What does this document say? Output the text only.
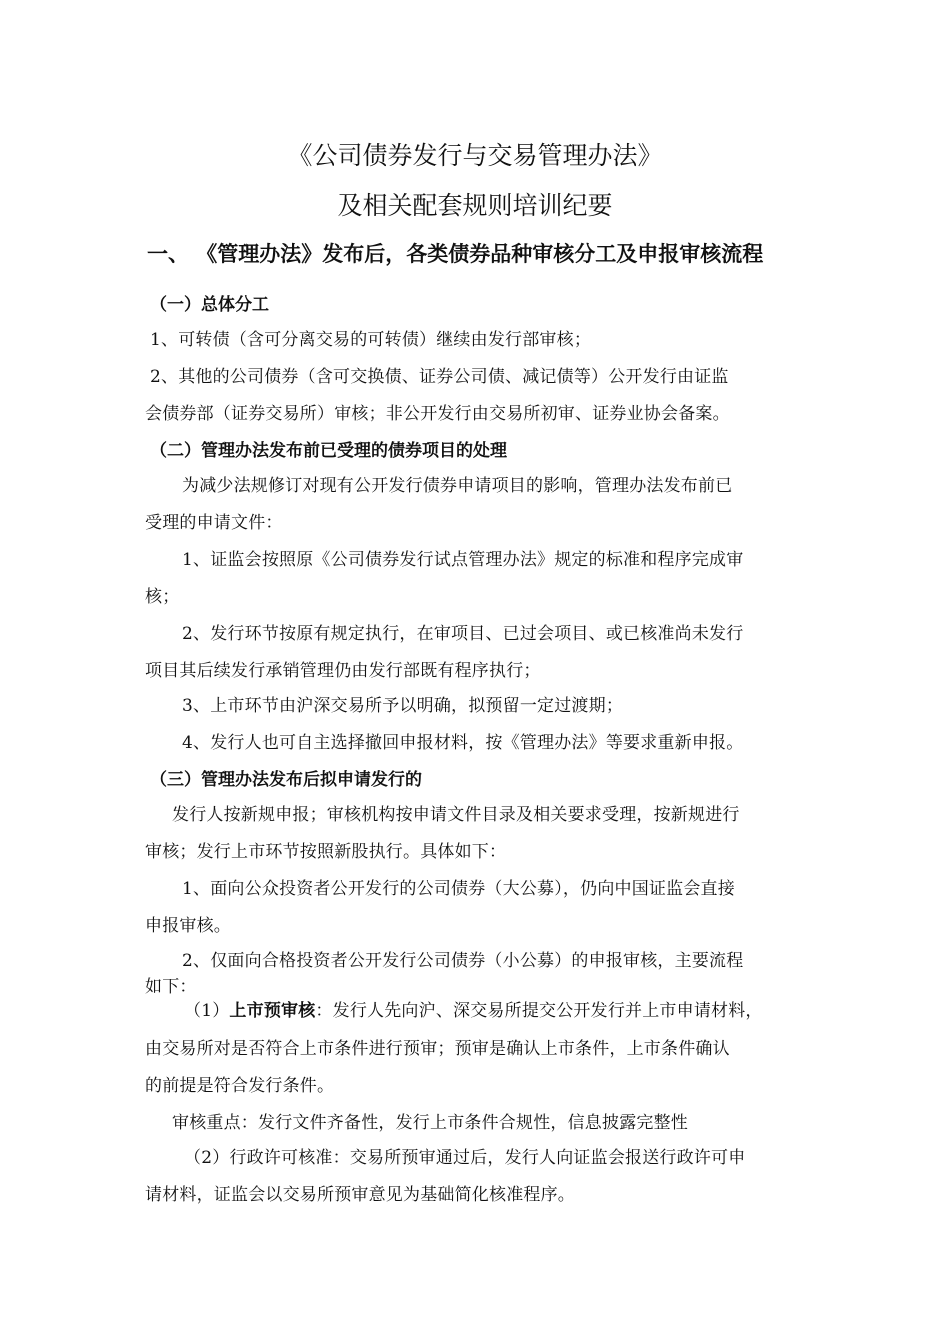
《公司债券发行与交易管理办法》
及相关配套规则培训纪要
一、 《管理办法》发布后，各类债券品种审核分工及申报审核流程
（一）总体分工
1、可转债（含可分离交易的可转债）继续由发行部审核；
2、其他的公司债券（含可交换债、证券公司债、减记债等）公开发行由证监
会债券部（证券交易所）审核；非公开发行由交易所初审、证券业协会备案。
（二）管理办法发布前已受理的债券项目的处理
为减少法规修订对现有公开发行债券申请项目的影响，管理办法发布前已
受理的申请文件：
1、证监会按照原《公司债券发行试点管理办法》规定的标准和程序完成审
核；
2、发行环节按原有规定执行，在审项目、已过会项目、或已核准尚未发行
项目其后续发行承销管理仍由发行部既有程序执行；
3、上市环节由沪深交易所予以明确，拟预留一定过渡期；
4、发行人也可自主选择撤回申报材料，按《管理办法》等要求重新申报。
（三）管理办法发布后拟申请发行的
发行人按新规申报；审核机构按申请文件目录及相关要求受理，按新规进行
审核；发行上市环节按照新股执行。具体如下：
1、面向公众投资者公开发行的公司债券（大公募），仍向中国证监会直接
申报审核。
2、仅面向合格投资者公开发行公司债券（小公募）的申报审核，主要流程
如下：
（1）上市预审核：发行人先向沪、深交易所提交公开发行并上市申请材料，
由交易所对是否符合上市条件进行预审；预审是确认上市条件，上市条件确认
的前提是符合发行条件。
审核重点：发行文件齐备性，发行上市条件合规性，信息披露完整性
（2）行政许可核准：交易所预审通过后，发行人向证监会报送行政许可申
请材料，证监会以交易所预审意见为基础简化核准程序。
